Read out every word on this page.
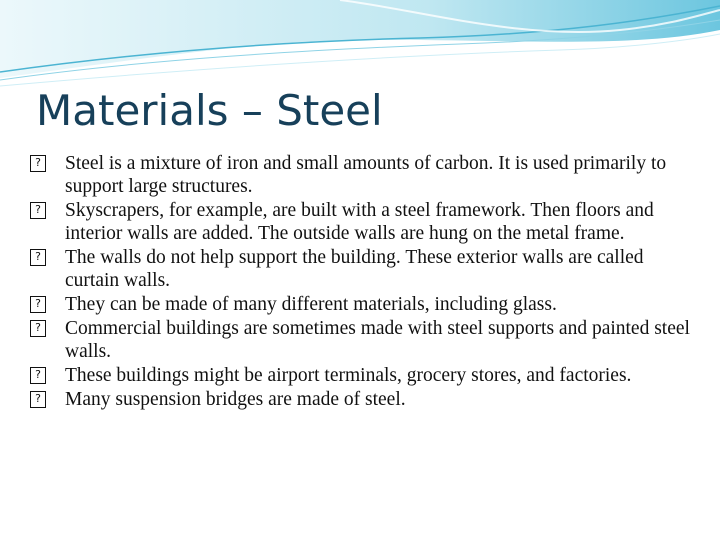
Materials – Steel
? Steel is a mixture of iron and small amounts of carbon. It is used primarily to support large structures.
? Skyscrapers, for example, are built with a steel framework. Then floors and interior walls are added. The outside walls are hung on the metal frame.
? The walls do not help support the building. These exterior walls are called curtain walls.
? They can be made of many different materials, including glass.
? Commercial buildings are sometimes made with steel supports and painted steel walls.
? These buildings might be airport terminals, grocery stores, and factories.
? Many suspension bridges are made of steel.
